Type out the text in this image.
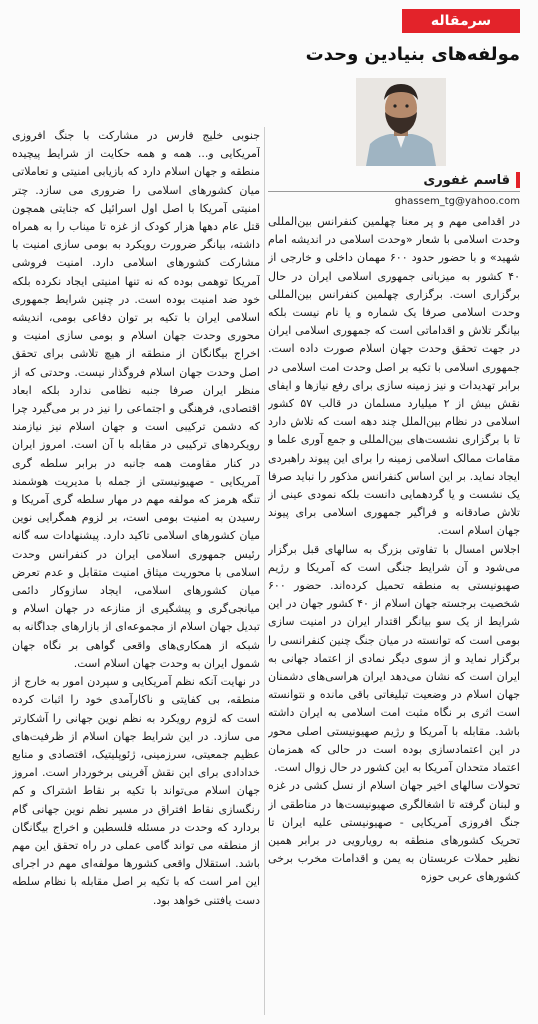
سرمقاله
مولفه‌های بنیادین وحدت
قاسم غفوری
ghassem_tg@yahoo.com

در اقدامی مهم و پر معنا چهلمین کنفرانس بین‌المللی وحدت اسلامی با شعار «وحدت اسلامی در اندیشه امام شهید» و با حضور حدود ۶۰۰ مهمان داخلی و خارجی از ۴۰ کشور به میزبانی جمهوری اسلامی ایران در حال برگزاری است. برگزاری چهلمین کنفرانس بین‌المللی وحدت اسلامی صرفا یک شماره و یا نام نیست بلکه بیانگر تلاش و اقداماتی است که جمهوری اسلامی ایران در جهت تحقق وحدت جهان اسلام صورت داده است. جمهوری اسلامی با تکیه بر اصل وحدت امت اسلامی در برابر تهدیدات و نیز زمینه سازی برای رفع نیازها و ایفای نقش بیش از ۲ میلیارد مسلمان در قالب ۵۷ کشور اسلامی در نظام بین‌الملل چند دهه است که تلاش دارد تا با برگزاری نشست‌های بین‌المللی و جمع آوری علما و مقامات ممالک اسلامی زمینه را برای این پیوند راهبردی ایجاد نماید. بر این اساس کنفرانس مذکور را نباید صرفا یک نشست و یا گردهمایی دانست بلکه نمودی عینی از تلاش صادقانه و فراگیر جمهوری اسلامی برای پیوند جهان اسلام است.

اجلاس امسال با تفاوتی بزرگ به سالهای قبل برگزار می‌شود و آن شرایط جنگی است که آمریکا و رژیم صهیونیستی به منطقه تحمیل کرده‌اند. حضور ۶۰۰ شخصیت برجسته جهان اسلام از ۴۰ کشور جهان در این شرایط از یک سو بیانگر اقتدار ایران در امنیت سازی بومی است که توانسته در میان جنگ چنین کنفرانسی را برگزار نماید و از سوی دیگر نمادی از اعتماد جهانی به ایران است که نشان می‌دهد ایران هراسی‌های دشمنان جهان اسلام در وضعیت تبلیغاتی باقی مانده و نتوانسته است اثری بر نگاه مثبت امت اسلامی به ایران داشته باشد. مقابله با آمریکا و رژیم صهیونیستی اصلی محور در این اعتمادسازی بوده است در حالی که همزمان اعتماد متحدان آمریکا به این کشور در حال زوال است.

تحولات سالهای اخیر جهان اسلام از نسل کشی در غزه و لبنان گرفته تا اشغالگری صهیونیست‌ها در مناطقی از جنگ افروزی آمریکایی - صهیونیستی علیه ایران تا تحریک کشورهای منطقه به رویارویی در برابر همین نظیر حملات عربستان به یمن و اقدامات مخرب برخی کشورهای عربی حوزه

جنوبی خلیج فارس در مشارکت با جنگ افروزی آمریکایی و... همه و همه حکایت از شرایط پیچیده منطقه و جهان اسلام دارد که بازیابی امنیتی و تعاملاتی میان کشورهای اسلامی را ضروری می سازد. چتر امنیتی آمریکا با اصل اول اسرائیل که جنایتی همچون قتل عام دهها هزار کودک از غزه تا میناب را به همراه داشته، بیانگر ضرورت رویکرد به بومی سازی امنیت با مشارکت کشورهای اسلامی دارد. امنیت فروشی آمریکا توهمی بوده که نه تنها امنیتی ایجاد نکرده بلکه خود ضد امنیت بوده است. در چنین شرایط جمهوری اسلامی ایران با تکیه بر توان دفاعی بومی، اندیشه محوری وحدت جهان اسلام و بومی سازی امنیت و اخراج بیگانگان از منطقه از هیچ تلاشی برای تحقق اصل وحدت جهان اسلام فروگذار نیست. وحدتی که از منظر ایران صرفا جنبه نظامی ندارد بلکه ابعاد اقتصادی، فرهنگی و اجتماعی را نیز در بر می‌گیرد چرا که دشمن ترکیبی است و جهان اسلام نیز نیازمند رویکردهای ترکیبی در مقابله با آن است. امروز ایران در کنار مقاومت همه جانبه در برابر سلطه گری آمریکایی - صهیونیستی از جمله با مدیریت هوشمند تنگه هرمز که مولفه مهم در مهار سلطه گری آمریکا و رسیدن به امنیت بومی است، بر لزوم همگرایی نوین میان کشورهای اسلامی تاکید دارد. پیشنهادات سه گانه رئیس جمهوری اسلامی ایران در کنفرانس وحدت اسلامی با محوریت میثاق امنیت متقابل و عدم تعرض میان کشورهای اسلامی، ایجاد سازوکار دائمی میانجی‌گری و پیشگیری از منازعه در جهان اسلام و تبدیل جهان اسلام از مجموعه‌ای از بازارهای جداگانه به شبکه از همکاری‌های واقعی گواهی بر نگاه جهان شمول ایران به وحدت جهان اسلام است.

در نهایت آنکه نظم آمریکایی و سپردن امور به خارج از منطقه، بی کفایتی و ناکارآمدی خود را اثبات کرده است که لزوم رویکرد به نظم نوین جهانی را آشکارتر می سازد. در این شرایط جهان اسلام از ظرفیت‌های عظیم جمعیتی، سرزمینی، ژئوپلیتیک، اقتصادی و منابع خدادادی برای این نقش آفرینی برخوردار است. امروز جهان اسلام می‌تواند با تکیه بر نقاط اشتراک و کم رنگسازی نقاط افتراق در مسیر نظم نوین جهانی گام بردارد که وحدت در مسئله فلسطین و اخراج بیگانگان از منطقه می تواند گامی عملی در راه تحقق این مهم باشد. استقلال واقعی کشورها مولفه‌ای مهم در اجرای این امر است که با تکیه بر اصل مقابله با نظام سلطه دست یافتنی خواهد بود.
